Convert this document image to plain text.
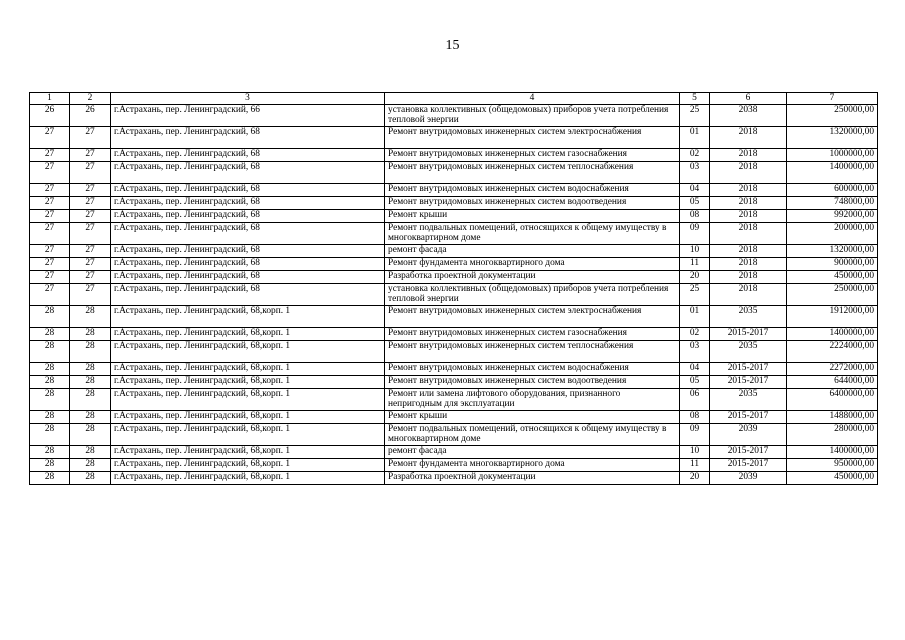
15
1	2	3	4	5	6	7
26	26	г.Астрахань, пер. Ленинградский, 66	установка коллективных (общедомовых) приборов учета потребления тепловой энергии	25	2038	250000,00
27	27	г.Астрахань, пер. Ленинградский, 68	Ремонт внутридомовых инженерных систем электроснабжения	01	2018	1320000,00
27	27	г.Астрахань, пер. Ленинградский, 68	Ремонт внутридомовых инженерных систем газоснабжения	02	2018	1000000,00
27	27	г.Астрахань, пер. Ленинградский, 68	Ремонт внутридомовых инженерных систем теплоснабжения	03	2018	1400000,00
27	27	г.Астрахань, пер. Ленинградский, 68	Ремонт внутридомовых инженерных систем водоснабжения	04	2018	600000,00
27	27	г.Астрахань, пер. Ленинградский, 68	Ремонт внутридомовых инженерных систем водоотведения	05	2018	748000,00
27	27	г.Астрахань, пер. Ленинградский, 68	Ремонт крыши	08	2018	992000,00
27	27	г.Астрахань, пер. Ленинградский, 68	Ремонт подвальных помещений, относящихся к общему имуществу в многоквартирном доме	09	2018	200000,00
27	27	г.Астрахань, пер. Ленинградский, 68	ремонт фасада	10	2018	1320000,00
27	27	г.Астрахань, пер. Ленинградский, 68	Ремонт фундамента многоквартирного дома	11	2018	900000,00
27	27	г.Астрахань, пер. Ленинградский, 68	Разработка проектной документации	20	2018	450000,00
27	27	г.Астрахань, пер. Ленинградский, 68	установка коллективных (общедомовых) приборов учета потребления тепловой энергии	25	2018	250000,00
28	28	г.Астрахань, пер. Ленинградский, 68,корп. 1	Ремонт внутридомовых инженерных систем электроснабжения	01	2035	1912000,00
28	28	г.Астрахань, пер. Ленинградский, 68,корп. 1	Ремонт внутридомовых инженерных систем газоснабжения	02	2015-2017	1400000,00
28	28	г.Астрахань, пер. Ленинградский, 68,корп. 1	Ремонт внутридомовых инженерных систем теплоснабжения	03	2035	2224000,00
28	28	г.Астрахань, пер. Ленинградский, 68,корп. 1	Ремонт внутридомовых инженерных систем водоснабжения	04	2015-2017	2272000,00
28	28	г.Астрахань, пер. Ленинградский, 68,корп. 1	Ремонт внутридомовых инженерных систем водоотведения	05	2015-2017	644000,00
28	28	г.Астрахань, пер. Ленинградский, 68,корп. 1	Ремонт или замена лифтового оборудования, признанного непригодным для эксплуатации	06	2035	6400000,00
28	28	г.Астрахань, пер. Ленинградский, 68,корп. 1	Ремонт крыши	08	2015-2017	1488000,00
28	28	г.Астрахань, пер. Ленинградский, 68,корп. 1	Ремонт подвальных помещений, относящихся к общему имуществу в многоквартирном доме	09	2039	280000,00
28	28	г.Астрахань, пер. Ленинградский, 68,корп. 1	ремонт фасада	10	2015-2017	1400000,00
28	28	г.Астрахань, пер. Ленинградский, 68,корп. 1	Ремонт фундамента многоквартирного дома	11	2015-2017	950000,00
28	28	г.Астрахань, пер. Ленинградский, 68,корп. 1	Разработка проектной документации	20	2039	450000,00
